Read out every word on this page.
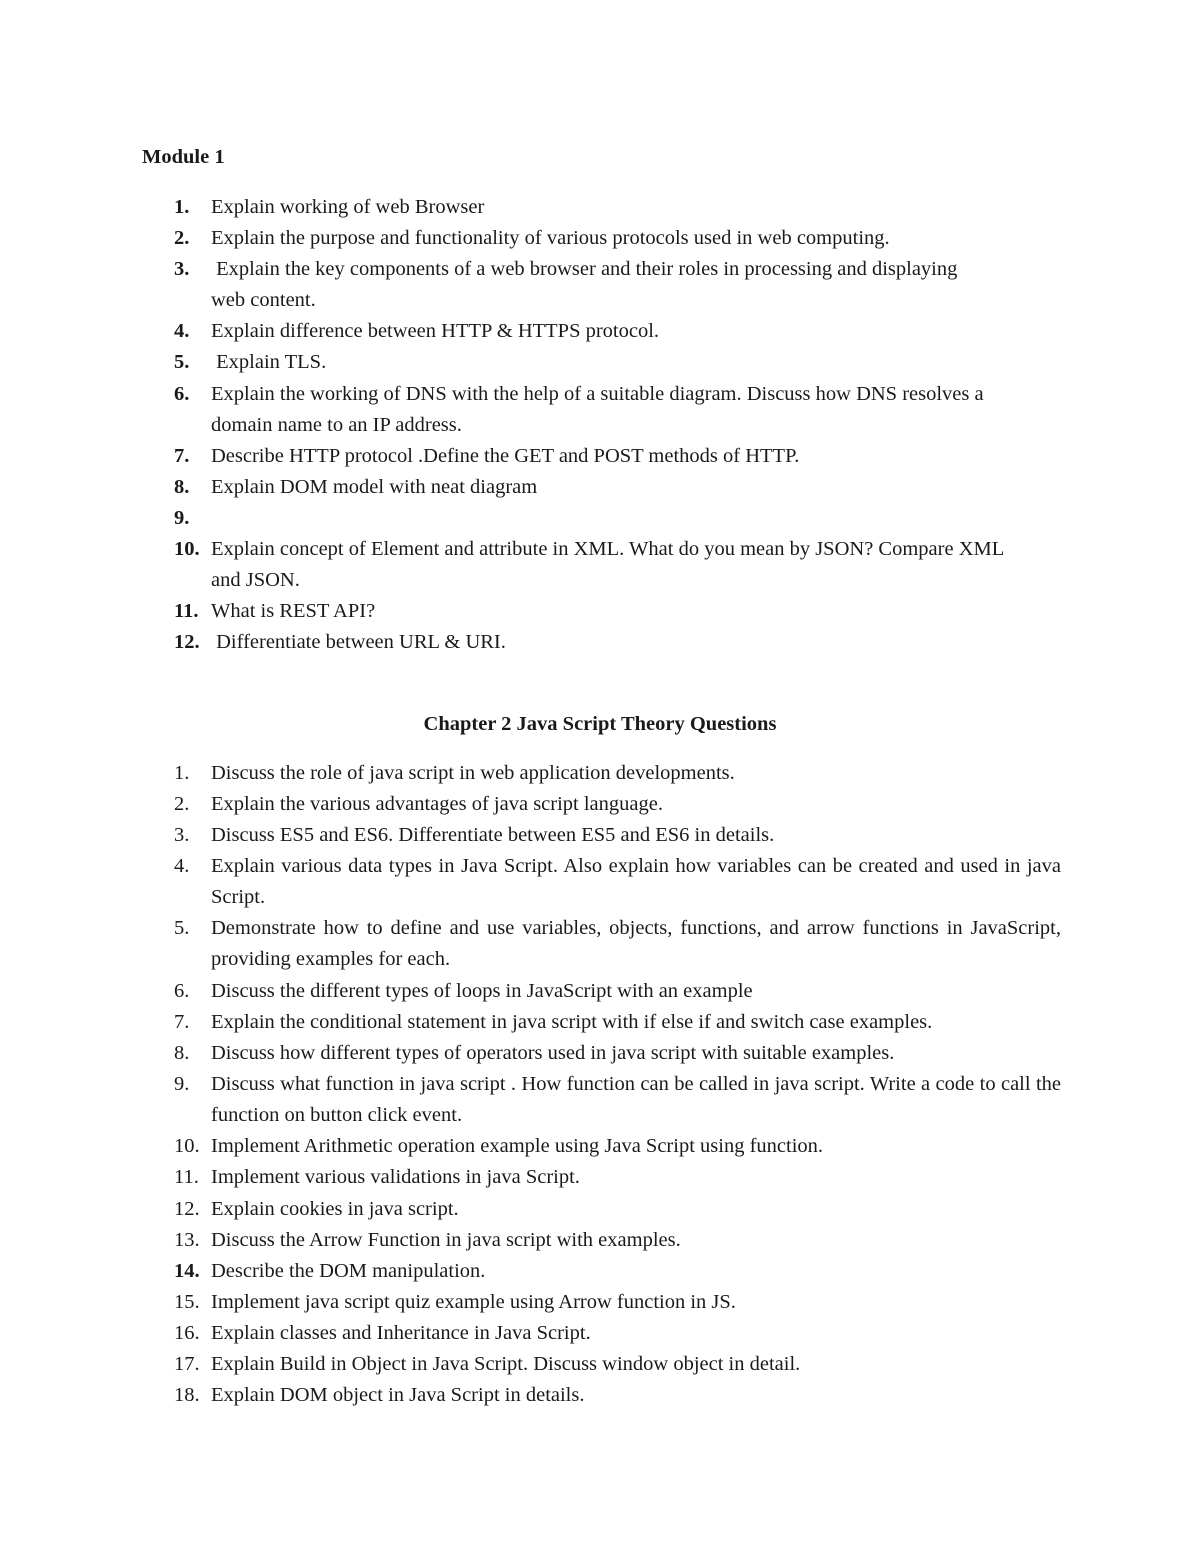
Module 1
1. Explain working of web Browser
2. Explain the purpose and functionality of various protocols used in web computing.
3. Explain the key components of a web browser and their roles in processing and displaying web content.
4. Explain difference between HTTP & HTTPS protocol.
5. Explain TLS.
6. Explain the working of DNS with the help of a suitable diagram. Discuss how DNS resolves a domain name to an IP address.
7. Describe HTTP protocol .Define the GET and POST methods of HTTP.
8. Explain DOM model with neat diagram
9.
10. Explain concept of Element and attribute in XML. What do you mean by JSON? Compare XML and JSON.
11. What is REST API?
12. Differentiate between URL & URI.
Chapter 2 Java Script Theory Questions
1. Discuss the role of java script in web application developments.
2. Explain the various advantages of java script language.
3. Discuss ES5 and ES6. Differentiate between ES5 and ES6 in details.
4. Explain various data types in Java Script. Also explain how variables can be created and used in java Script.
5. Demonstrate how to define and use variables, objects, functions, and arrow functions in JavaScript, providing examples for each.
6. Discuss the different types of loops in JavaScript with an example
7. Explain the conditional statement in java script with if else if and switch case examples.
8. Discuss how different types of operators used in java script with suitable examples.
9. Discuss what function in java script . How function can be called in java script. Write a code to call the function on button click event.
10. Implement Arithmetic operation example using Java Script using function.
11. Implement various validations in java Script.
12. Explain cookies in java script.
13. Discuss the Arrow Function in java script with examples.
14. Describe the DOM manipulation.
15. Implement java script quiz example using Arrow function in JS.
16. Explain classes and Inheritance in Java Script.
17. Explain Build in Object in Java Script. Discuss window object in detail.
18. Explain DOM object in Java Script in details.
